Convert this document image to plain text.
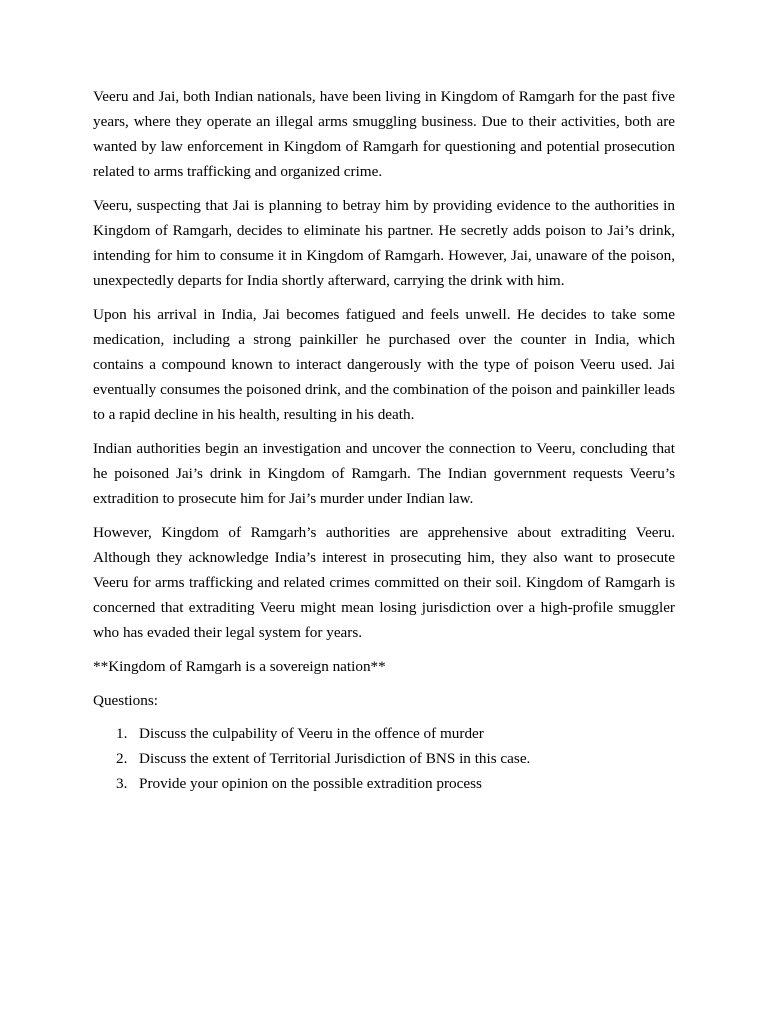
Veeru and Jai, both Indian nationals, have been living in Kingdom of Ramgarh for the past five years, where they operate an illegal arms smuggling business. Due to their activities, both are wanted by law enforcement in Kingdom of Ramgarh for questioning and potential prosecution related to arms trafficking and organized crime.

Veeru, suspecting that Jai is planning to betray him by providing evidence to the authorities in Kingdom of Ramgarh, decides to eliminate his partner. He secretly adds poison to Jai’s drink, intending for him to consume it in Kingdom of Ramgarh. However, Jai, unaware of the poison, unexpectedly departs for India shortly afterward, carrying the drink with him.

Upon his arrival in India, Jai becomes fatigued and feels unwell. He decides to take some medication, including a strong painkiller he purchased over the counter in India, which contains a compound known to interact dangerously with the type of poison Veeru used. Jai eventually consumes the poisoned drink, and the combination of the poison and painkiller leads to a rapid decline in his health, resulting in his death.

Indian authorities begin an investigation and uncover the connection to Veeru, concluding that he poisoned Jai’s drink in Kingdom of Ramgarh. The Indian government requests Veeru’s extradition to prosecute him for Jai’s murder under Indian law.

However, Kingdom of Ramgarh’s authorities are apprehensive about extraditing Veeru. Although they acknowledge India’s interest in prosecuting him, they also want to prosecute Veeru for arms trafficking and related crimes committed on their soil. Kingdom of Ramgarh is concerned that extraditing Veeru might mean losing jurisdiction over a high-profile smuggler who has evaded their legal system for years.

**Kingdom of Ramgarh is a sovereign nation**

Questions:

1. Discuss the culpability of Veeru in the offence of murder
2. Discuss the extent of Territorial Jurisdiction of BNS in this case.
3. Provide your opinion on the possible extradition process
